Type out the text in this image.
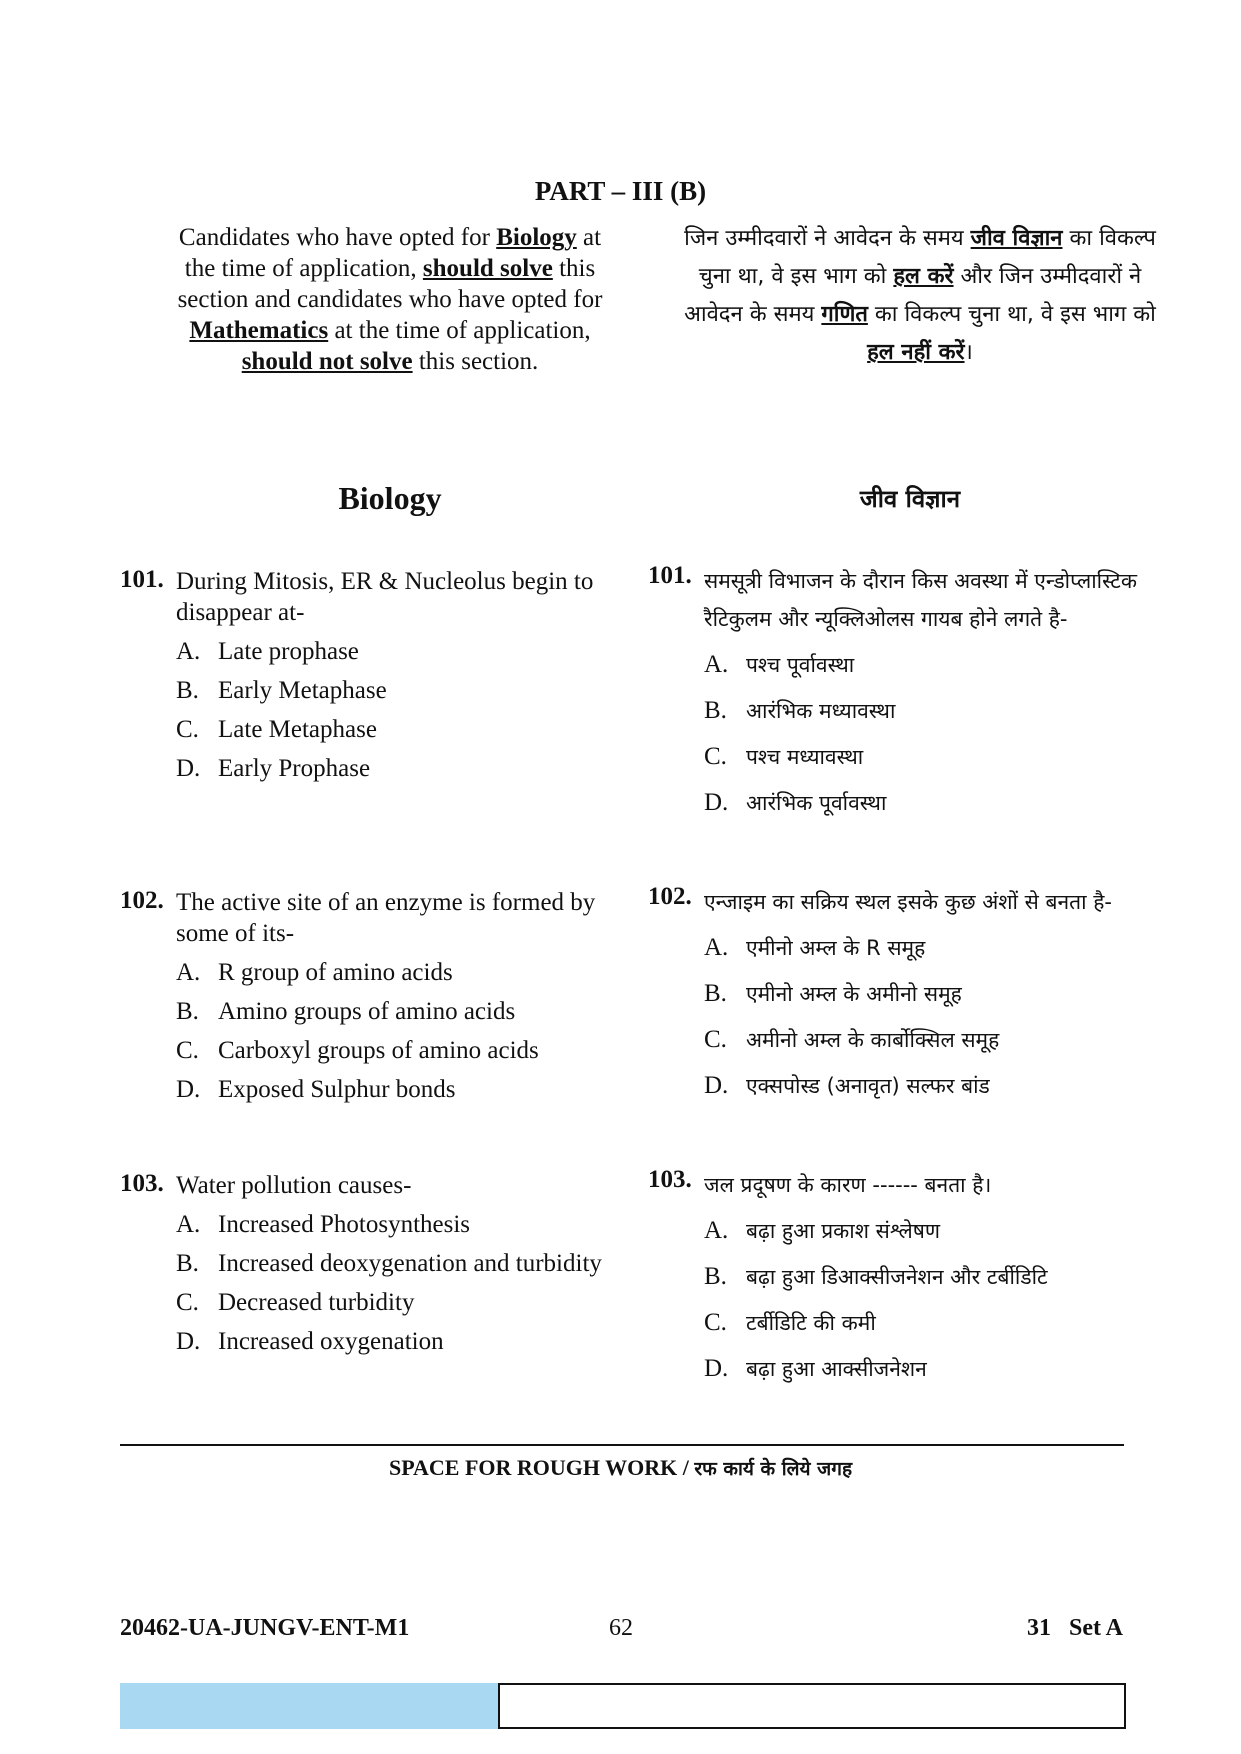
PART – III (B)
Candidates who have opted for Biology at the time of application, should solve this section and candidates who have opted for Mathematics at the time of application, should not solve this section.
जिन उम्मीदवारों ने आवेदन के समय जीव विज्ञान का विकल्प चुना था, वे इस भाग को हल करें और जिन उम्मीदवारों ने आवेदन के समय गणित का विकल्प चुना था, वे इस भाग को हल नहीं करें।
Biology	जीव विज्ञान
101. During Mitosis, ER & Nucleolus begin to disappear at-
A. Late prophase
B. Early Metaphase
C. Late Metaphase
D. Early Prophase
101. समसूत्री विभाजन के दौरान किस अवस्था में एन्डोप्लास्टिक रैटिकुलम और न्यूक्लिओलस गायब होने लगते है-
A. पश्च पूर्वावस्था
B. आरंभिक मध्यावस्था
C. पश्च मध्यावस्था
D. आरंभिक पूर्वावस्था
102. The active site of an enzyme is formed by some of its-
A. R group of amino acids
B. Amino groups of amino acids
C. Carboxyl groups of amino acids
D. Exposed Sulphur bonds
102. एन्जाइम का सक्रिय स्थल इसके कुछ अंशों से बनता है-
A. एमीनो अम्ल के R समूह
B. एमीनो अम्ल के अमीनो समूह
C. अमीनो अम्ल के कार्बोक्सिल समूह
D. एक्सपोस्ड (अनावृत) सल्फर बांड
103. Water pollution causes-
A. Increased Photosynthesis
B. Increased deoxygenation and turbidity
C. Decreased turbidity
D. Increased oxygenation
103. जल प्रदूषण के कारण ------ बनता है।
A. बढ़ा हुआ प्रकाश संश्लेषण
B. बढ़ा हुआ डिआक्सीजनेशन और टर्बीडिटि
C. टर्बीडिटि की कमी
D. बढ़ा हुआ आक्सीजनेशन
SPACE FOR ROUGH WORK / रफ कार्य के लिये जगह
20462-UA-JUNGV-ENT-M1	62	31   Set A
